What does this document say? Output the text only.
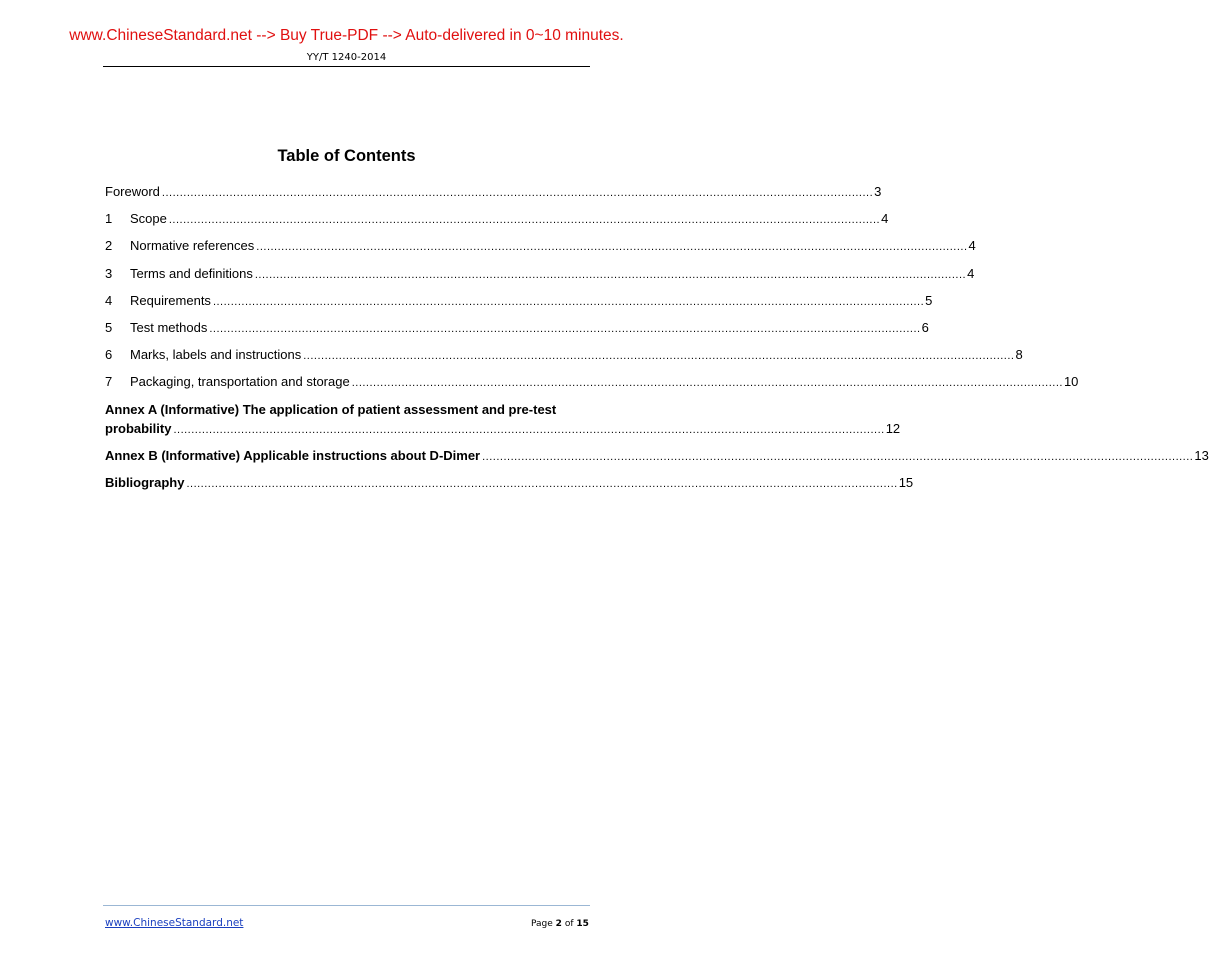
www.ChineseStandard.net --> Buy True-PDF --> Auto-delivered in 0~10 minutes.
YY/T 1240-2014
Table of Contents
Foreword ........................................................................................................................................................................................................ 3
1	Scope ........................................................................................................................................................................................................ 4
2	Normative references ........................................................................................................................................................................................................ 4
3	Terms and definitions ........................................................................................................................................................................................................ 4
4	Requirements ........................................................................................................................................................................................................ 5
5	Test methods ........................................................................................................................................................................................................ 6
6	Marks, labels and instructions ........................................................................................................................................................................................................ 8
7	Packaging, transportation and storage ........................................................................................................................................................................................................ 10
Annex A (Informative) The application of patient assessment and pre-test
probability ........................................................................................................................................................................................................ 12
Annex B (Informative) Applicable instructions about D-Dimer ........................................................................................................................................................................................................ 13
Bibliography ........................................................................................................................................................................................................ 15
www.ChineseStandard.net	Page 2 of 15
